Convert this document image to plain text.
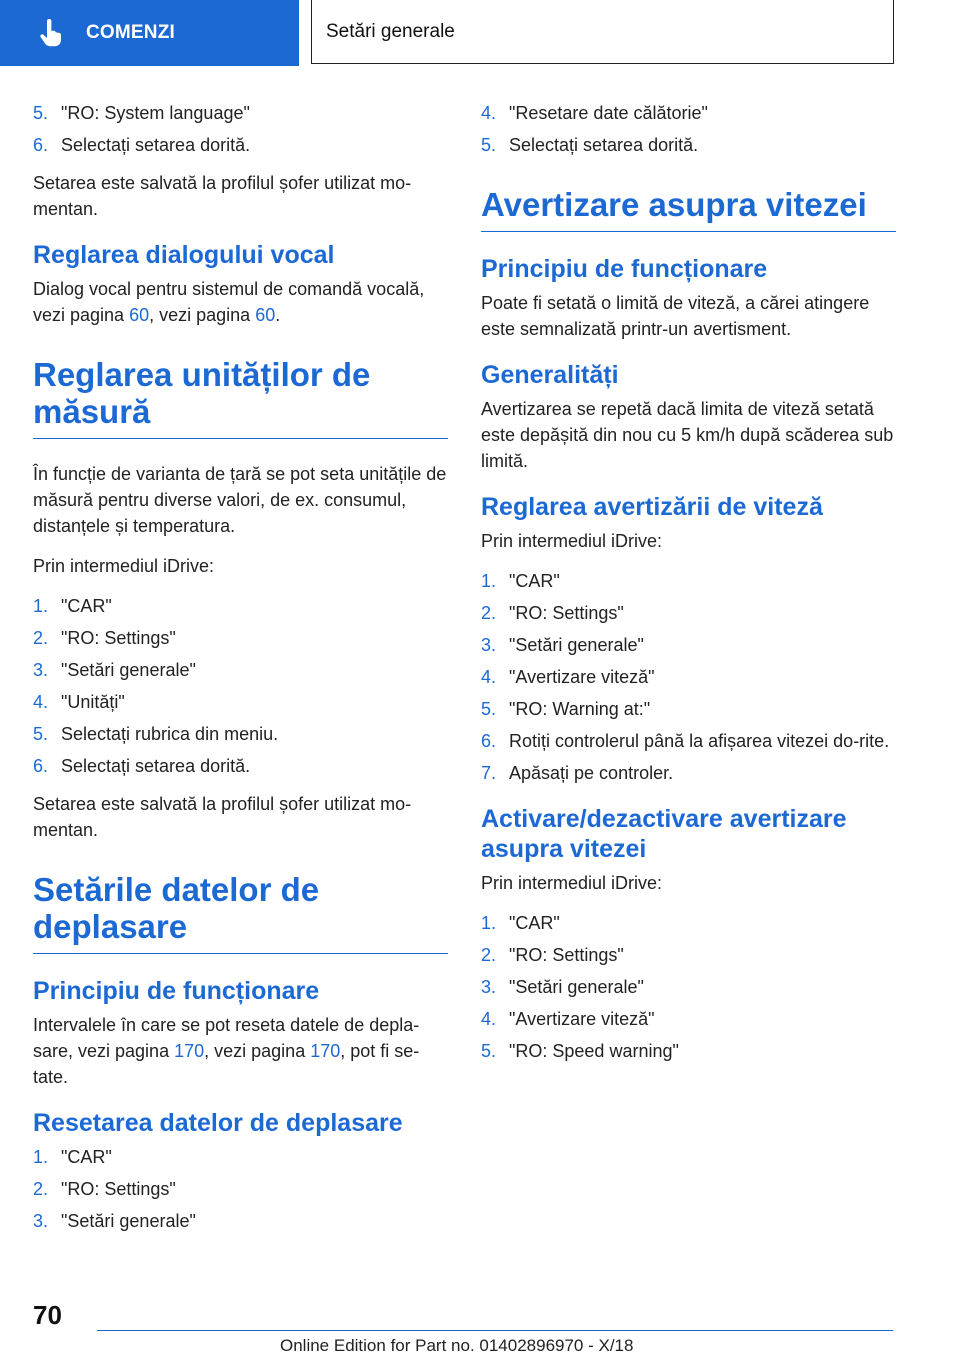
COMENZI	Setări generale
5. "RO: System language"
6. Selectați setarea dorită.

Setarea este salvată la profilul șofer utilizat mo-mentan.

Reglarea dialogului vocal

Dialog vocal pentru sistemul de comandă vocală, vezi pagina 60, vezi pagina 60.

Reglarea unităților de măsură

În funcție de varianta de țară se pot seta unitățile de măsură pentru diverse valori, de ex. consumul, distanțele și temperatura.

Prin intermediul iDrive:

1. "CAR"
2. "RO: Settings"
3. "Setări generale"
4. "Unități"
5. Selectați rubrica din meniu.
6. Selectați setarea dorită.

Setarea este salvată la profilul șofer utilizat mo-mentan.

Setările datelor de deplasare
Principiu de funcționare

Intervalele în care se pot reseta datele de depla-sare, vezi pagina 170, vezi pagina 170, pot fi se-tate.

Resetarea datelor de deplasare
1. "CAR"
2. "RO: Settings"
3. "Setări generale"
4. "Resetare date călătorie"
5. Selectați setarea dorită.
Avertizare asupra vitezei
Principiu de funcționare

Poate fi setată o limită de viteză, a cărei atingere este semnalizată printr-un avertisment.

Generalități

Avertizarea se repetă dacă limita de viteză setată este depășită din nou cu 5 km/h după scăderea sub limită.

Reglarea avertizării de viteză

Prin intermediul iDrive:

1. "CAR"
2. "RO: Settings"
3. "Setări generale"
4. "Avertizare viteză"
5. "RO: Warning at:"
6. Rotiți controlerul până la afișarea vitezei do-rite.
7. Apăsați pe controler.
Activare/dezactivare avertizare asupra vitezei

Prin intermediul iDrive:

1. "CAR"
2. "RO: Settings"
3. "Setări generale"
4. "Avertizare viteză"
5. "RO: Speed warning"
70
Online Edition for Part no. 01402896970 - X/18
